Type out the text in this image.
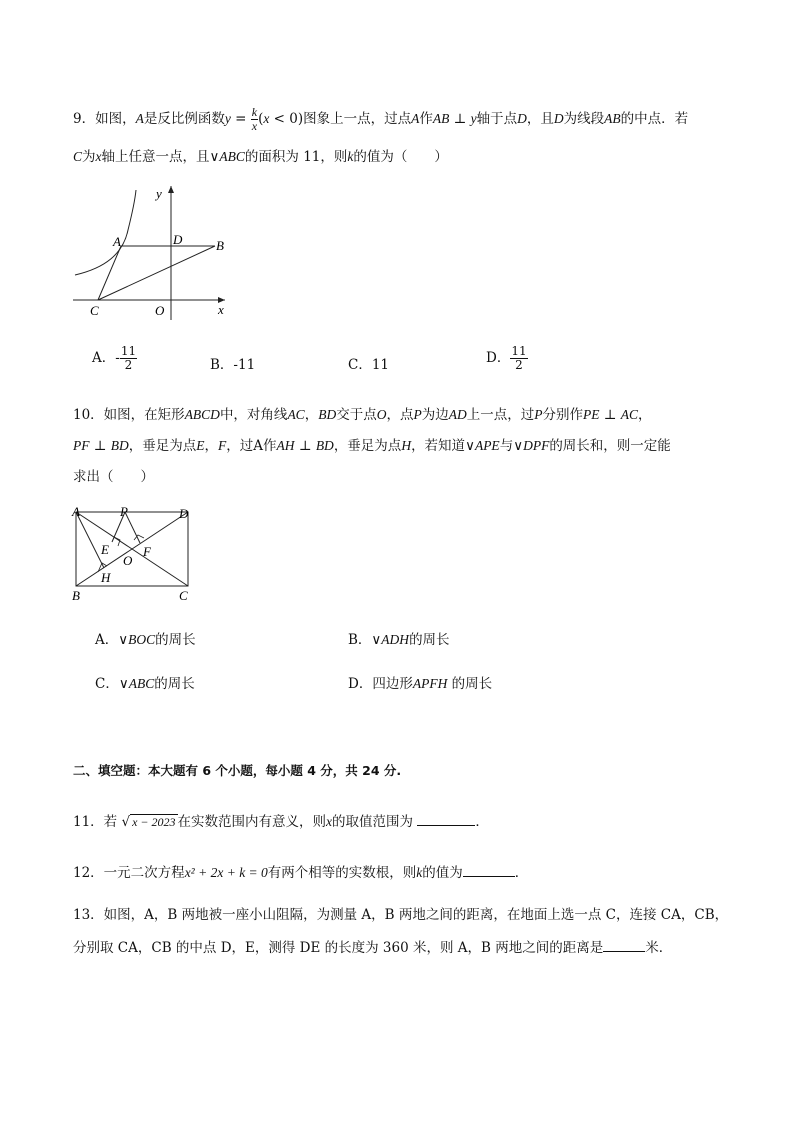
9．如图，A是反比例函数$y = \frac{k}{x} (x < 0)$图象上一点，过点A作AB ⊥ y轴于点D，且D为线段AB的中点．若
C为x轴上任意一点，且∨ABC的面积为 11，则k的值为（　　）
y
A	D	B
C	O	x
A．- $\frac{11}{2}$	B．-11	C．11	D． $\frac{11}{2}$
10．如图，在矩形ABCD中，对角线AC，BD交于点O，点P为边AD上一点，过P分别作PE ⊥ AC，
PF ⊥ BD，垂足为点E，F，过A作AH ⊥ BD，垂足为点H，若知道∨APE与∨DPF的周长和，则一定能
求出（　　）
A	P	D
E	F
O
H
B	C
A．∨BOC的周长	B．∨ADH的周长
C．∨ABC的周长	D．四边形APFH 的周长
二、填空题：本大题有 6 个小题，每小题 4 分，共 24 分.
11．若 √ x − 2023 在实数范围内有意义，则x的取值范围为	．
12．一元二次方程x² + 2x + k = 0有两个相等的实数根，则k的值为	．
13．如图，A，B 两地被一座小山阻隔，为测量 A，B 两地之间的距离，在地面上选一点 C，连接 CA，CB，
分别取 CA，CB 的中点 D，E，测得 DE 的长度为 360 米，则 A，B 两地之间的距离是	米．
